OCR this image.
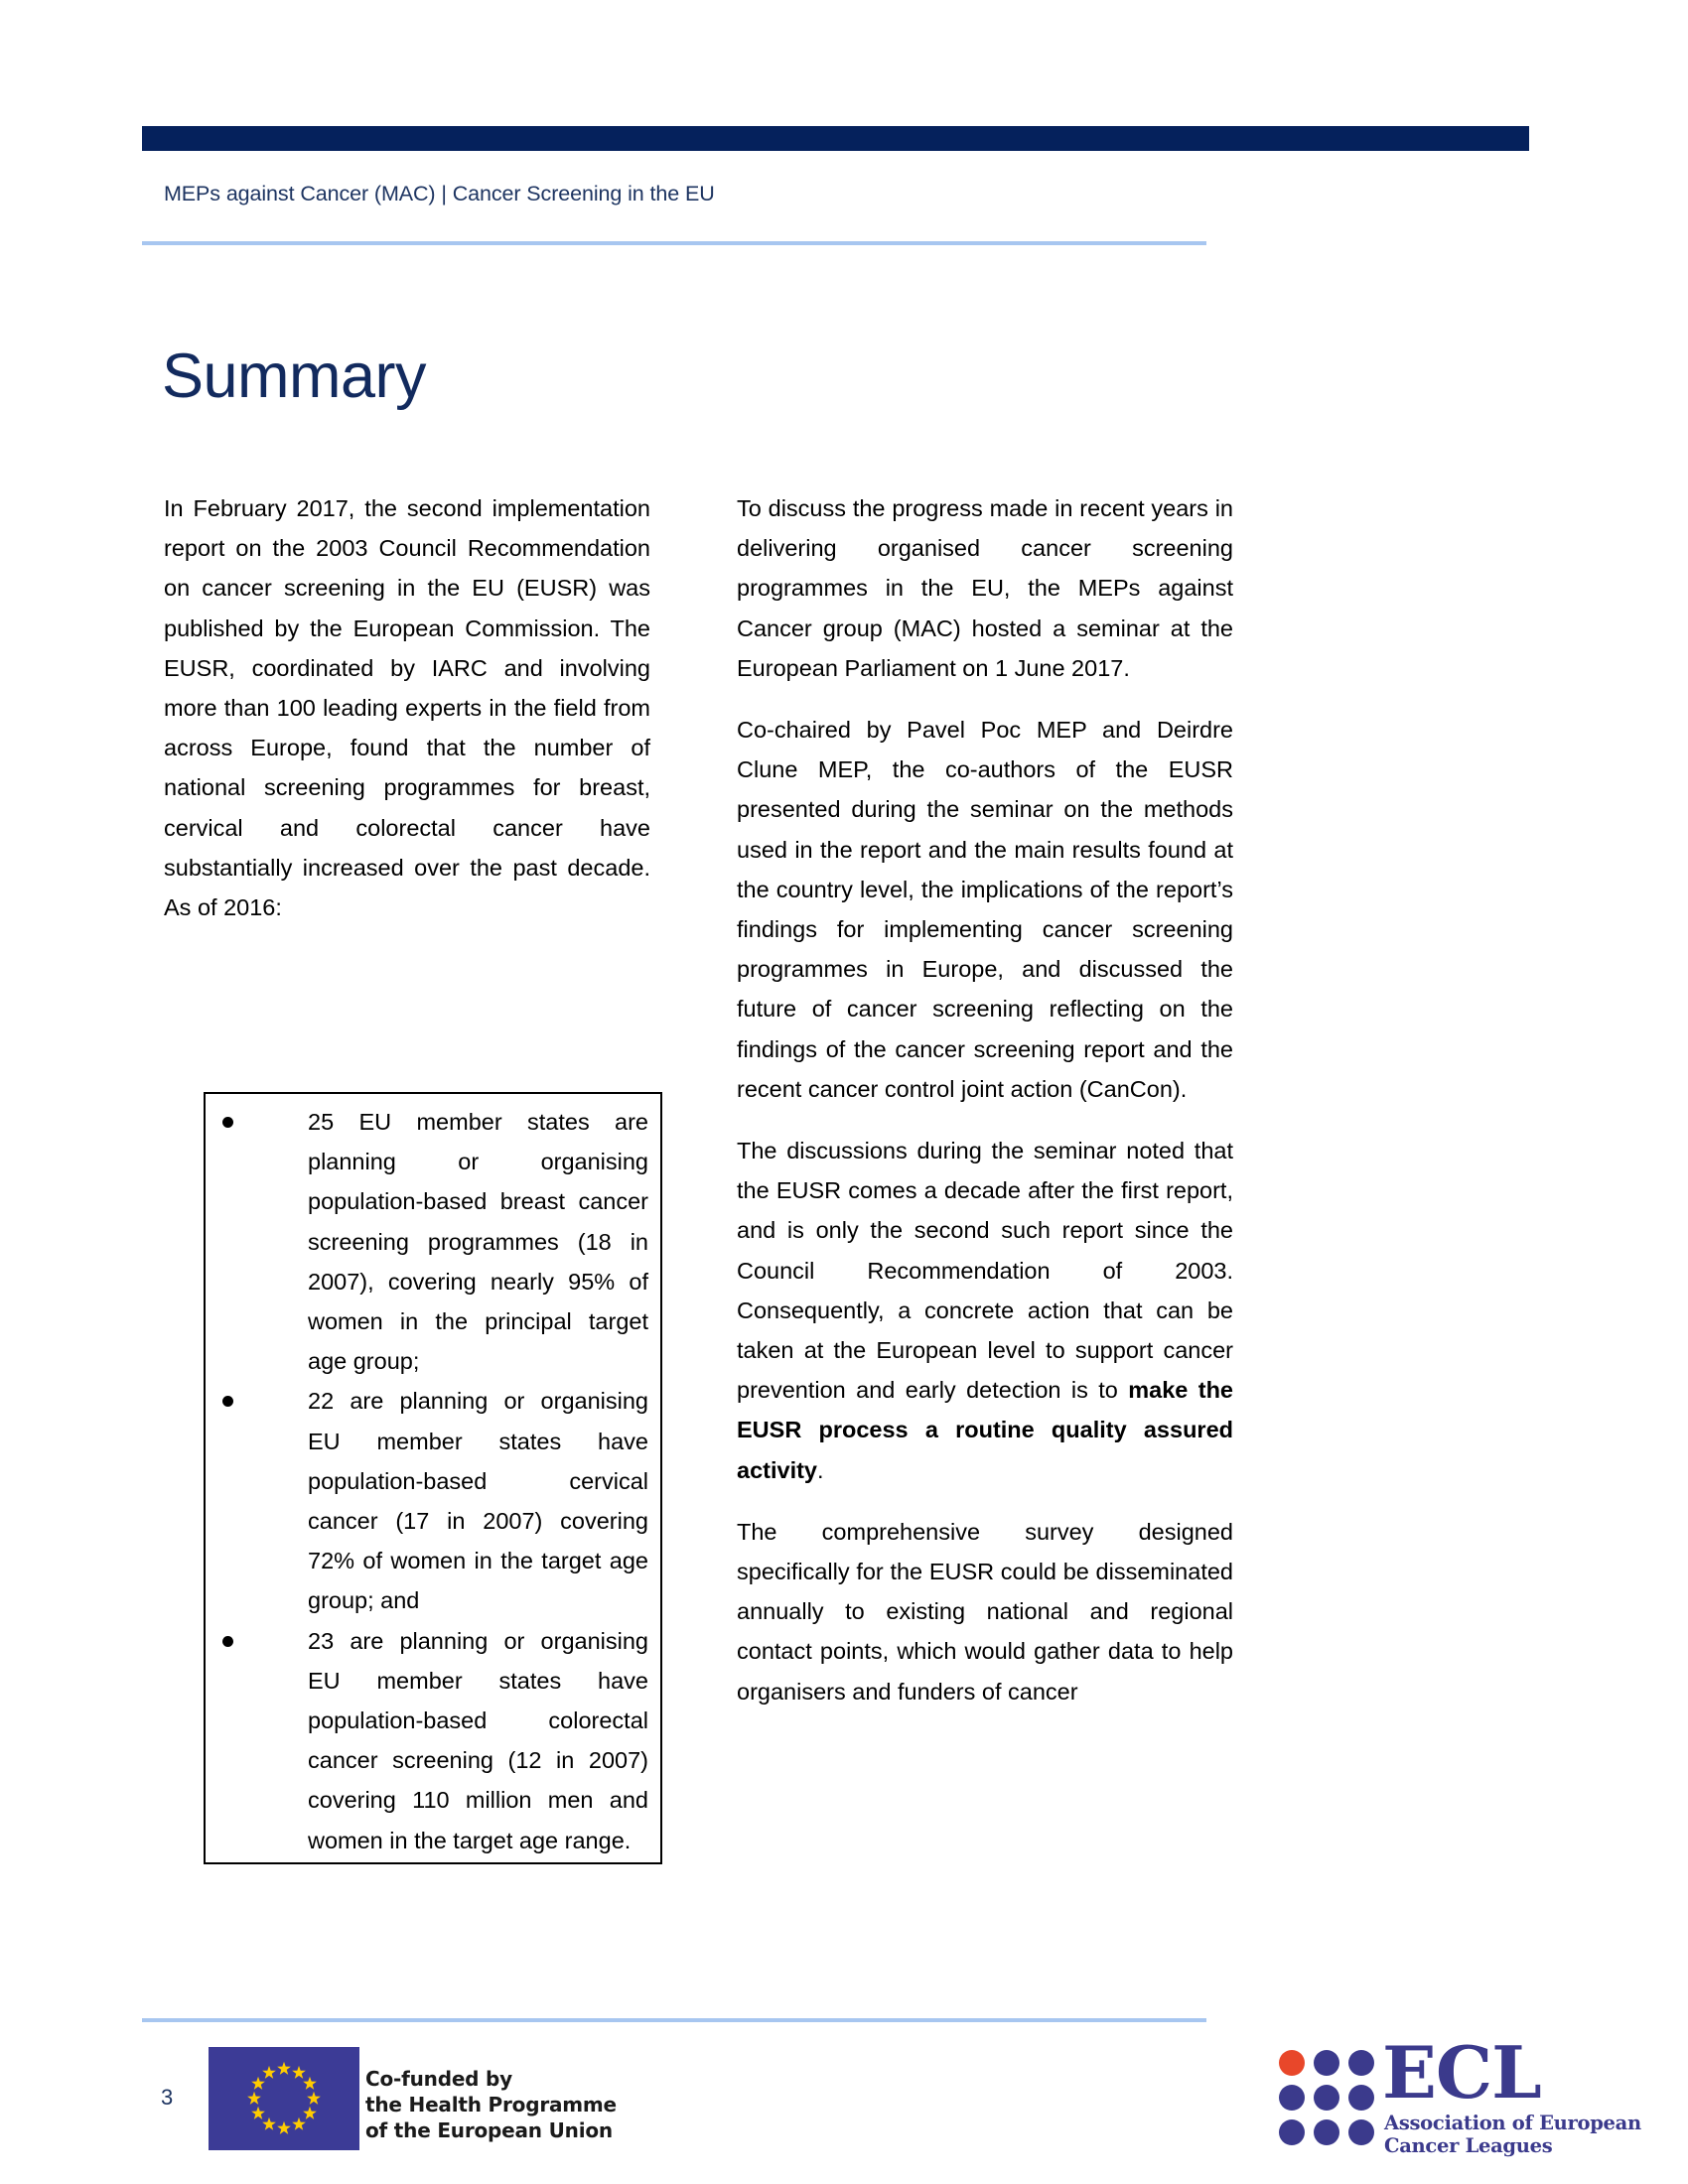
MEPs against Cancer (MAC) | Cancer Screening in the EU
Summary

In February 2017, the second implementation report on the 2003 Council Recommendation on cancer screening in the EU (EUSR) was published by the European Commission. The EUSR, coordinated by IARC and involving more than 100 leading experts in the field from across Europe, found that the number of national screening programmes for breast, cervical and colorectal cancer have substantially increased over the past decade. As of 2016:

25 EU member states are planning or organising population-based breast cancer screening programmes (18 in 2007), covering nearly 95% of women in the principal target age group;
22 are planning or organising EU member states have population-based cervical cancer (17 in 2007) covering 72% of women in the target age group; and
23 are planning or organising EU member states have population-based colorectal cancer screening (12 in 2007) covering 110 million men and women in the target age range.

To discuss the progress made in recent years in delivering organised cancer screening programmes in the EU, the MEPs against Cancer group (MAC) hosted a seminar at the European Parliament on 1 June 2017.

Co-chaired by Pavel Poc MEP and Deirdre Clune MEP, the co-authors of the EUSR presented during the seminar on the methods used in the report and the main results found at the country level, the implications of the report’s findings for implementing cancer screening programmes in Europe, and discussed the future of cancer screening reflecting on the findings of the cancer screening report and the recent cancer control joint action (CanCon).

The discussions during the seminar noted that the EUSR comes a decade after the first report, and is only the second such report since the Council Recommendation of 2003. Consequently, a concrete action that can be taken at the European level to support cancer prevention and early detection is to make the EUSR process a routine quality assured activity.

The comprehensive survey designed specifically for the EUSR could be disseminated annually to existing national and regional contact points, which would gather data to help organisers and funders of cancer

3
Co-funded by
the Health Programme
of the European Union
ECL
Association of European
Cancer Leagues
